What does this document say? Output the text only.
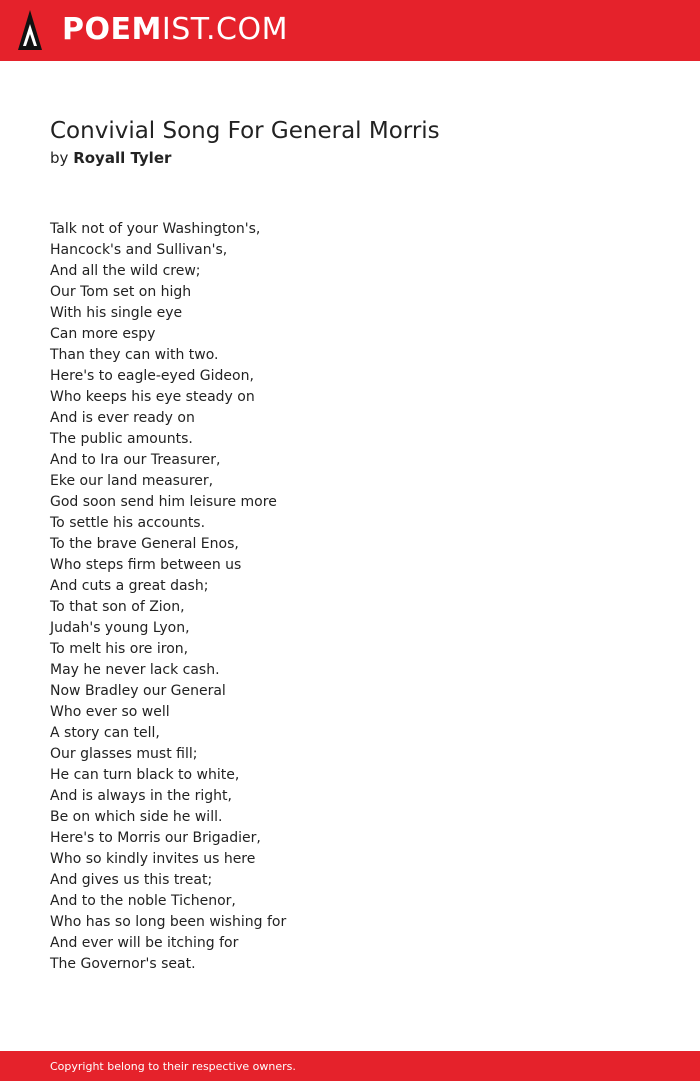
POEMIST.COM
Convivial Song For General Morris
by Royall Tyler
Talk not of your Washington's,
Hancock's and Sullivan's,
And all the wild crew;
Our Tom set on high
With his single eye
Can more espy
Than they can with two.
Here's to eagle-eyed Gideon,
Who keeps his eye steady on
And is ever ready on
The public amounts.
And to Ira our Treasurer,
Eke our land measurer,
God soon send him leisure more
To settle his accounts.
To the brave General Enos,
Who steps firm between us
And cuts a great dash;
To that son of Zion,
Judah's young Lyon,
To melt his ore iron,
May he never lack cash.
Now Bradley our General
Who ever so well
A story can tell,
Our glasses must fill;
He can turn black to white,
And is always in the right,
Be on which side he will.
Here's to Morris our Brigadier,
Who so kindly invites us here
And gives us this treat;
And to the noble Tichenor,
Who has so long been wishing for
And ever will be itching for
The Governor's seat.
Copyright belong to their respective owners.
